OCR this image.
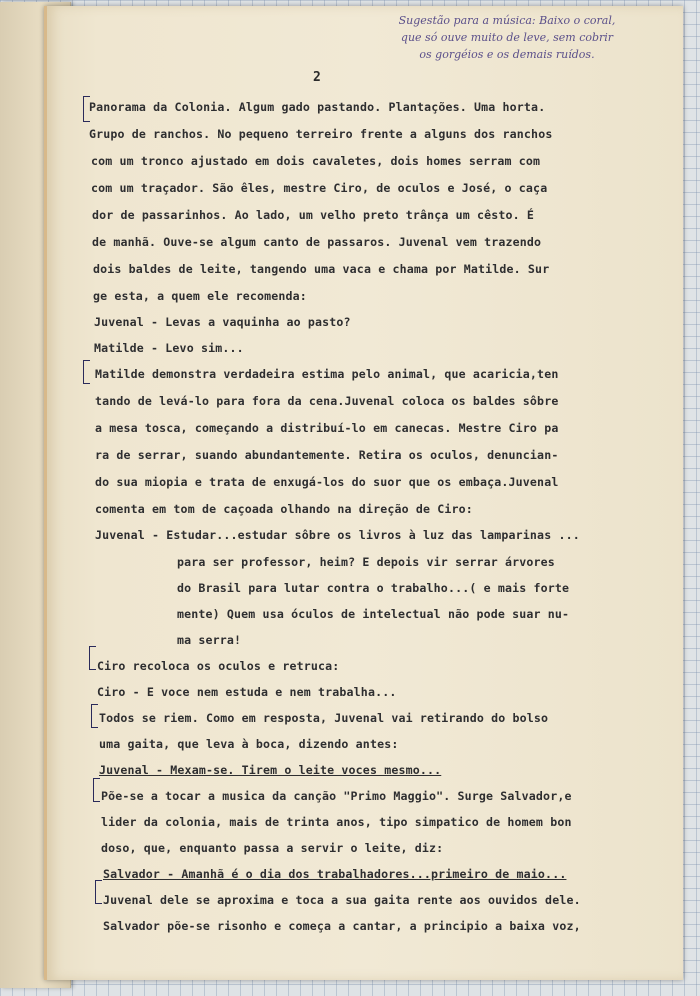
Sugestão para a música: Baixo o coral,
que só ouve muito de leve, sem cobrir
os gorgéios e os demais ruídos.
2
Panorama da Colonia. Algum gado pastando. Plantações. Uma horta.
Grupo de ranchos. No pequeno terreiro frente a alguns dos ranchos
com um tronco ajustado em dois cavaletes, dois homes serram com
com um traçador. São êles, mestre Ciro, de oculos e José, o caça
dor de passarinhos. Ao lado, um velho preto trânça um cêsto. É
de manhã. Ouve-se algum canto de passaros. Juvenal vem trazendo
dois baldes de leite, tangendo uma vaca e chama por Matilde. Sur
ge esta, a quem ele recomenda:
Juvenal - Levas a vaquinha ao pasto?
Matilde - Levo sim...
Matilde demonstra verdadeira estima pelo animal, que acaricia,ten
tando de levá-lo para fora da cena.Juvenal coloca os baldes sôbre
a mesa tosca, começando a distribuí-lo em canecas. Mestre Ciro pa
ra de serrar, suando abundantemente. Retira os oculos, denuncian-
do sua miopia e trata de enxugá-los do suor que os embaça.Juvenal
comenta em tom de caçoada olhando na direção de Ciro:
Juvenal - Estudar...estudar sôbre os livros à luz das lamparinas ...
para ser professor, heim? E depois vir serrar árvores
do Brasil para lutar contra o trabalho...( e mais forte
mente) Quem usa óculos de intelectual não pode suar nu-
ma serra!
Ciro recoloca os oculos e retruca:
Ciro - E voce nem estuda e nem trabalha...
Todos se riem. Como em resposta, Juvenal vai retirando do bolso
uma gaita, que leva à boca, dizendo antes:
Juvenal - Mexam-se. Tirem o leite voces mesmo...
Põe-se a tocar a musica da canção "Primo Maggio". Surge Salvador,e
lider da colonia, mais de trinta anos, tipo simpatico de homem bon
doso, que, enquanto passa a servir o leite, diz:
Salvador - Amanhã é o dia dos trabalhadores...primeiro de maio...
Juvenal dele se aproxima e toca a sua gaita rente aos ouvidos dele.
Salvador põe-se risonho e começa a cantar, a principio a baixa voz,
